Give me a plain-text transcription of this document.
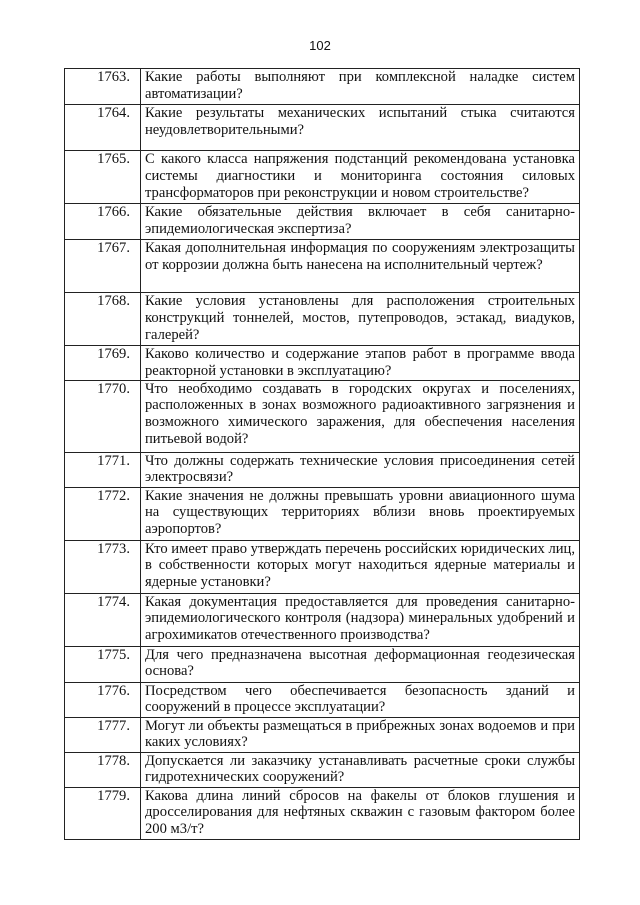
102
1763.	Какие работы выполняют при комплексной наладке систем автоматизации?
1764.	Какие результаты механических испытаний стыка считаются неудовлетворительными?
1765.	С какого класса напряжения подстанций рекомендована установка системы диагностики и мониторинга состояния силовых трансформаторов при реконструкции и новом строительстве?
1766.	Какие обязательные действия включает в себя санитарно-эпидемиологическая экспертиза?
1767.	Какая дополнительная информация по сооружениям электрозащиты от коррозии должна быть нанесена на исполнительный чертеж?
1768.	Какие условия установлены для расположения строительных конструкций тоннелей, мостов, путепроводов, эстакад, виадуков, галерей?
1769.	Каково количество и содержание этапов работ в программе ввода реакторной установки в эксплуатацию?
1770.	Что необходимо создавать в городских округах и поселениях, расположенных в зонах возможного радиоактивного загрязнения и возможного химического заражения, для обеспечения населения питьевой водой?
1771.	Что должны содержать технические условия присоединения сетей электросвязи?
1772.	Какие значения не должны превышать уровни авиационного шума на существующих территориях вблизи вновь проектируемых аэропортов?
1773.	Кто имеет право утверждать перечень российских юридических лиц, в собственности которых могут находиться ядерные материалы и ядерные установки?
1774.	Какая документация предоставляется для проведения санитарно-эпидемиологического контроля (надзора) минеральных удобрений и агрохимикатов отечественного производства?
1775.	Для чего предназначена высотная деформационная геодезическая основа?
1776.	Посредством чего обеспечивается безопасность зданий и сооружений в процессе эксплуатации?
1777.	Могут ли объекты размещаться в прибрежных зонах водоемов и при каких условиях?
1778.	Допускается ли заказчику устанавливать расчетные сроки службы гидротехнических сооружений?
1779.	Какова длина линий сбросов на факелы от блоков глушения и дросселирования для нефтяных скважин с газовым фактором более 200 м3/т?
